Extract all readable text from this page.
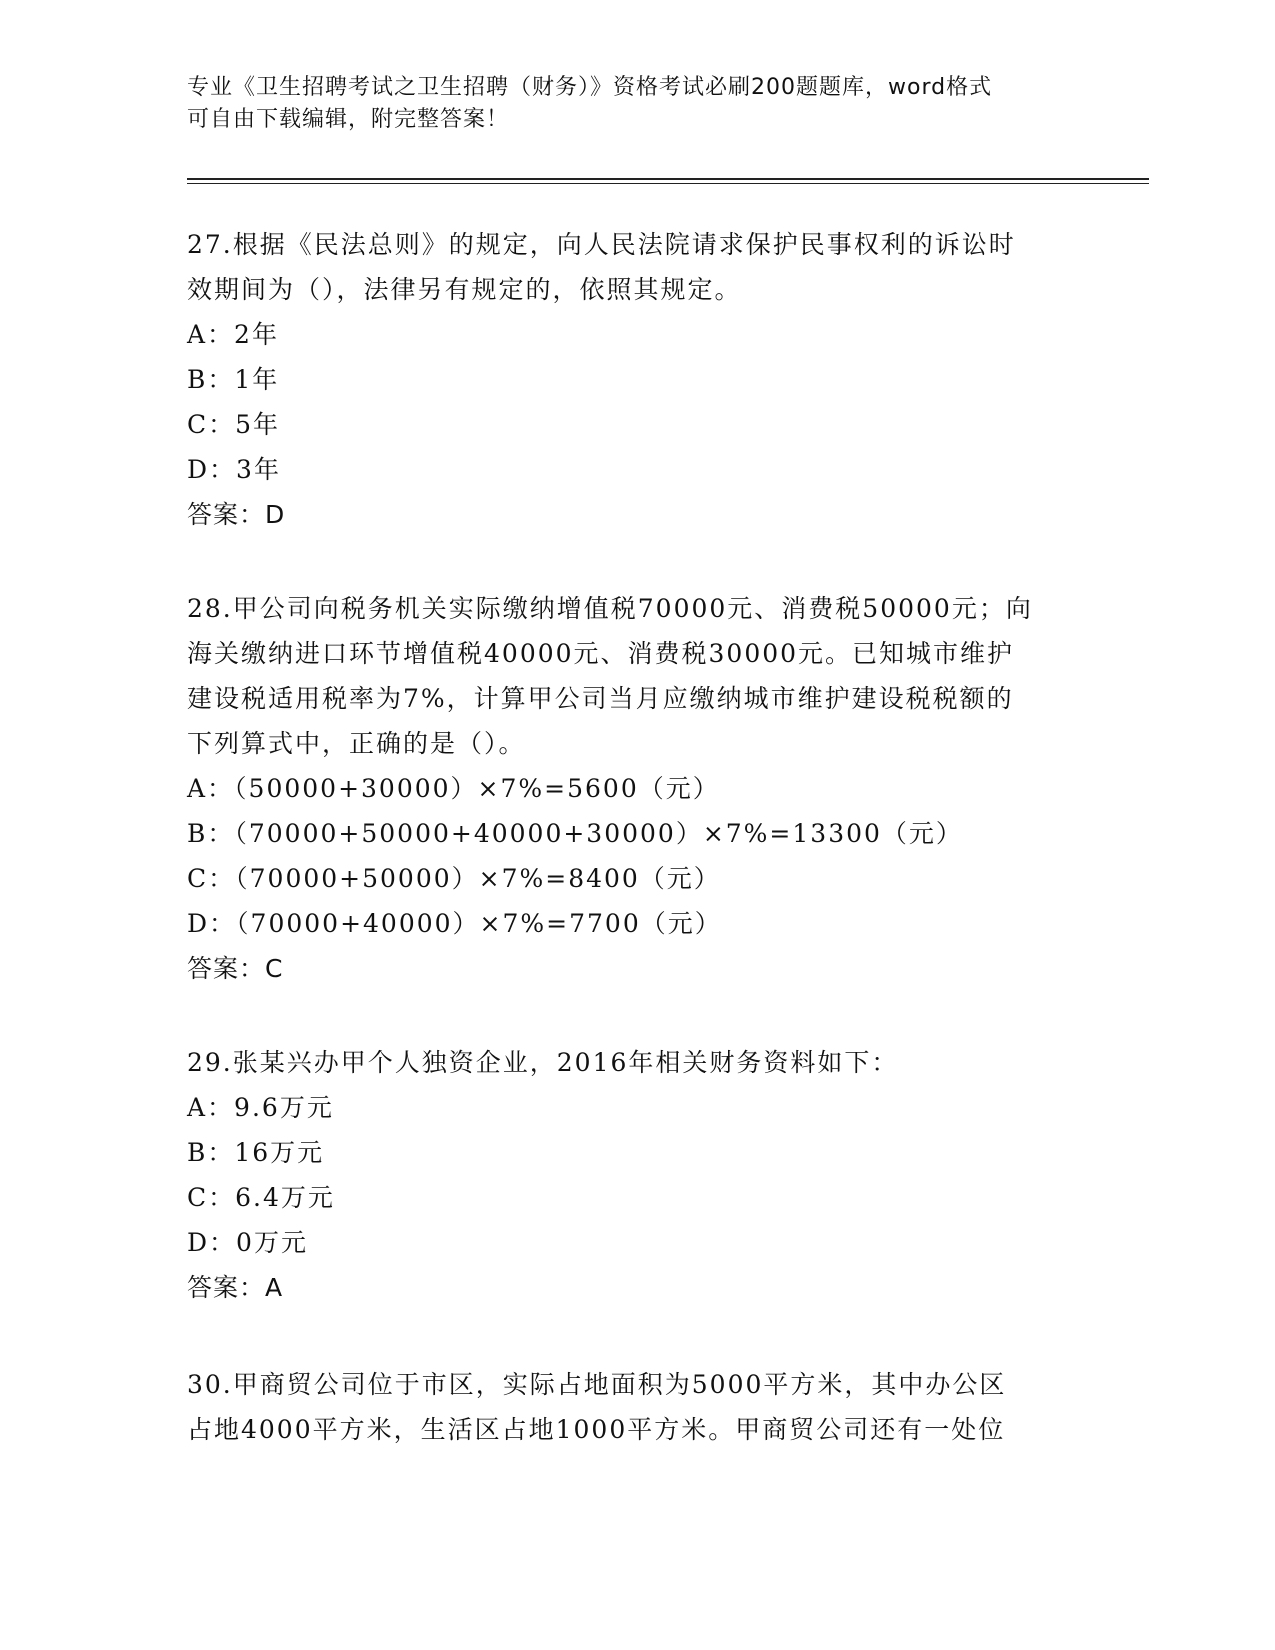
专业《卫生招聘考试之卫生招聘（财务）》资格考试必刷200题题库，word格式
可自由下载编辑，附完整答案！
27.根据《民法总则》的规定，向人民法院请求保护民事权利的诉讼时
效期间为（），法律另有规定的，依照其规定。
A：2年
B：1年
C：5年
D：3年
答案：D
28.甲公司向税务机关实际缴纳增值税70000元、消费税50000元；向
海关缴纳进口环节增值税40000元、消费税30000元。已知城市维护
建设税适用税率为7%，计算甲公司当月应缴纳城市维护建设税税额的
下列算式中，正确的是（）。
A：（50000+30000）×7%=5600（元）
B：（70000+50000+40000+30000）×7%=13300（元）
C：（70000+50000）×7%=8400（元）
D：（70000+40000）×7%=7700（元）
答案：C
29.张某兴办甲个人独资企业，2016年相关财务资料如下：
A：9.6万元
B：16万元
C：6.4万元
D：0万元
答案：A
30.甲商贸公司位于市区，实际占地面积为5000平方米，其中办公区
占地4000平方米，生活区占地1000平方米。甲商贸公司还有一处位
